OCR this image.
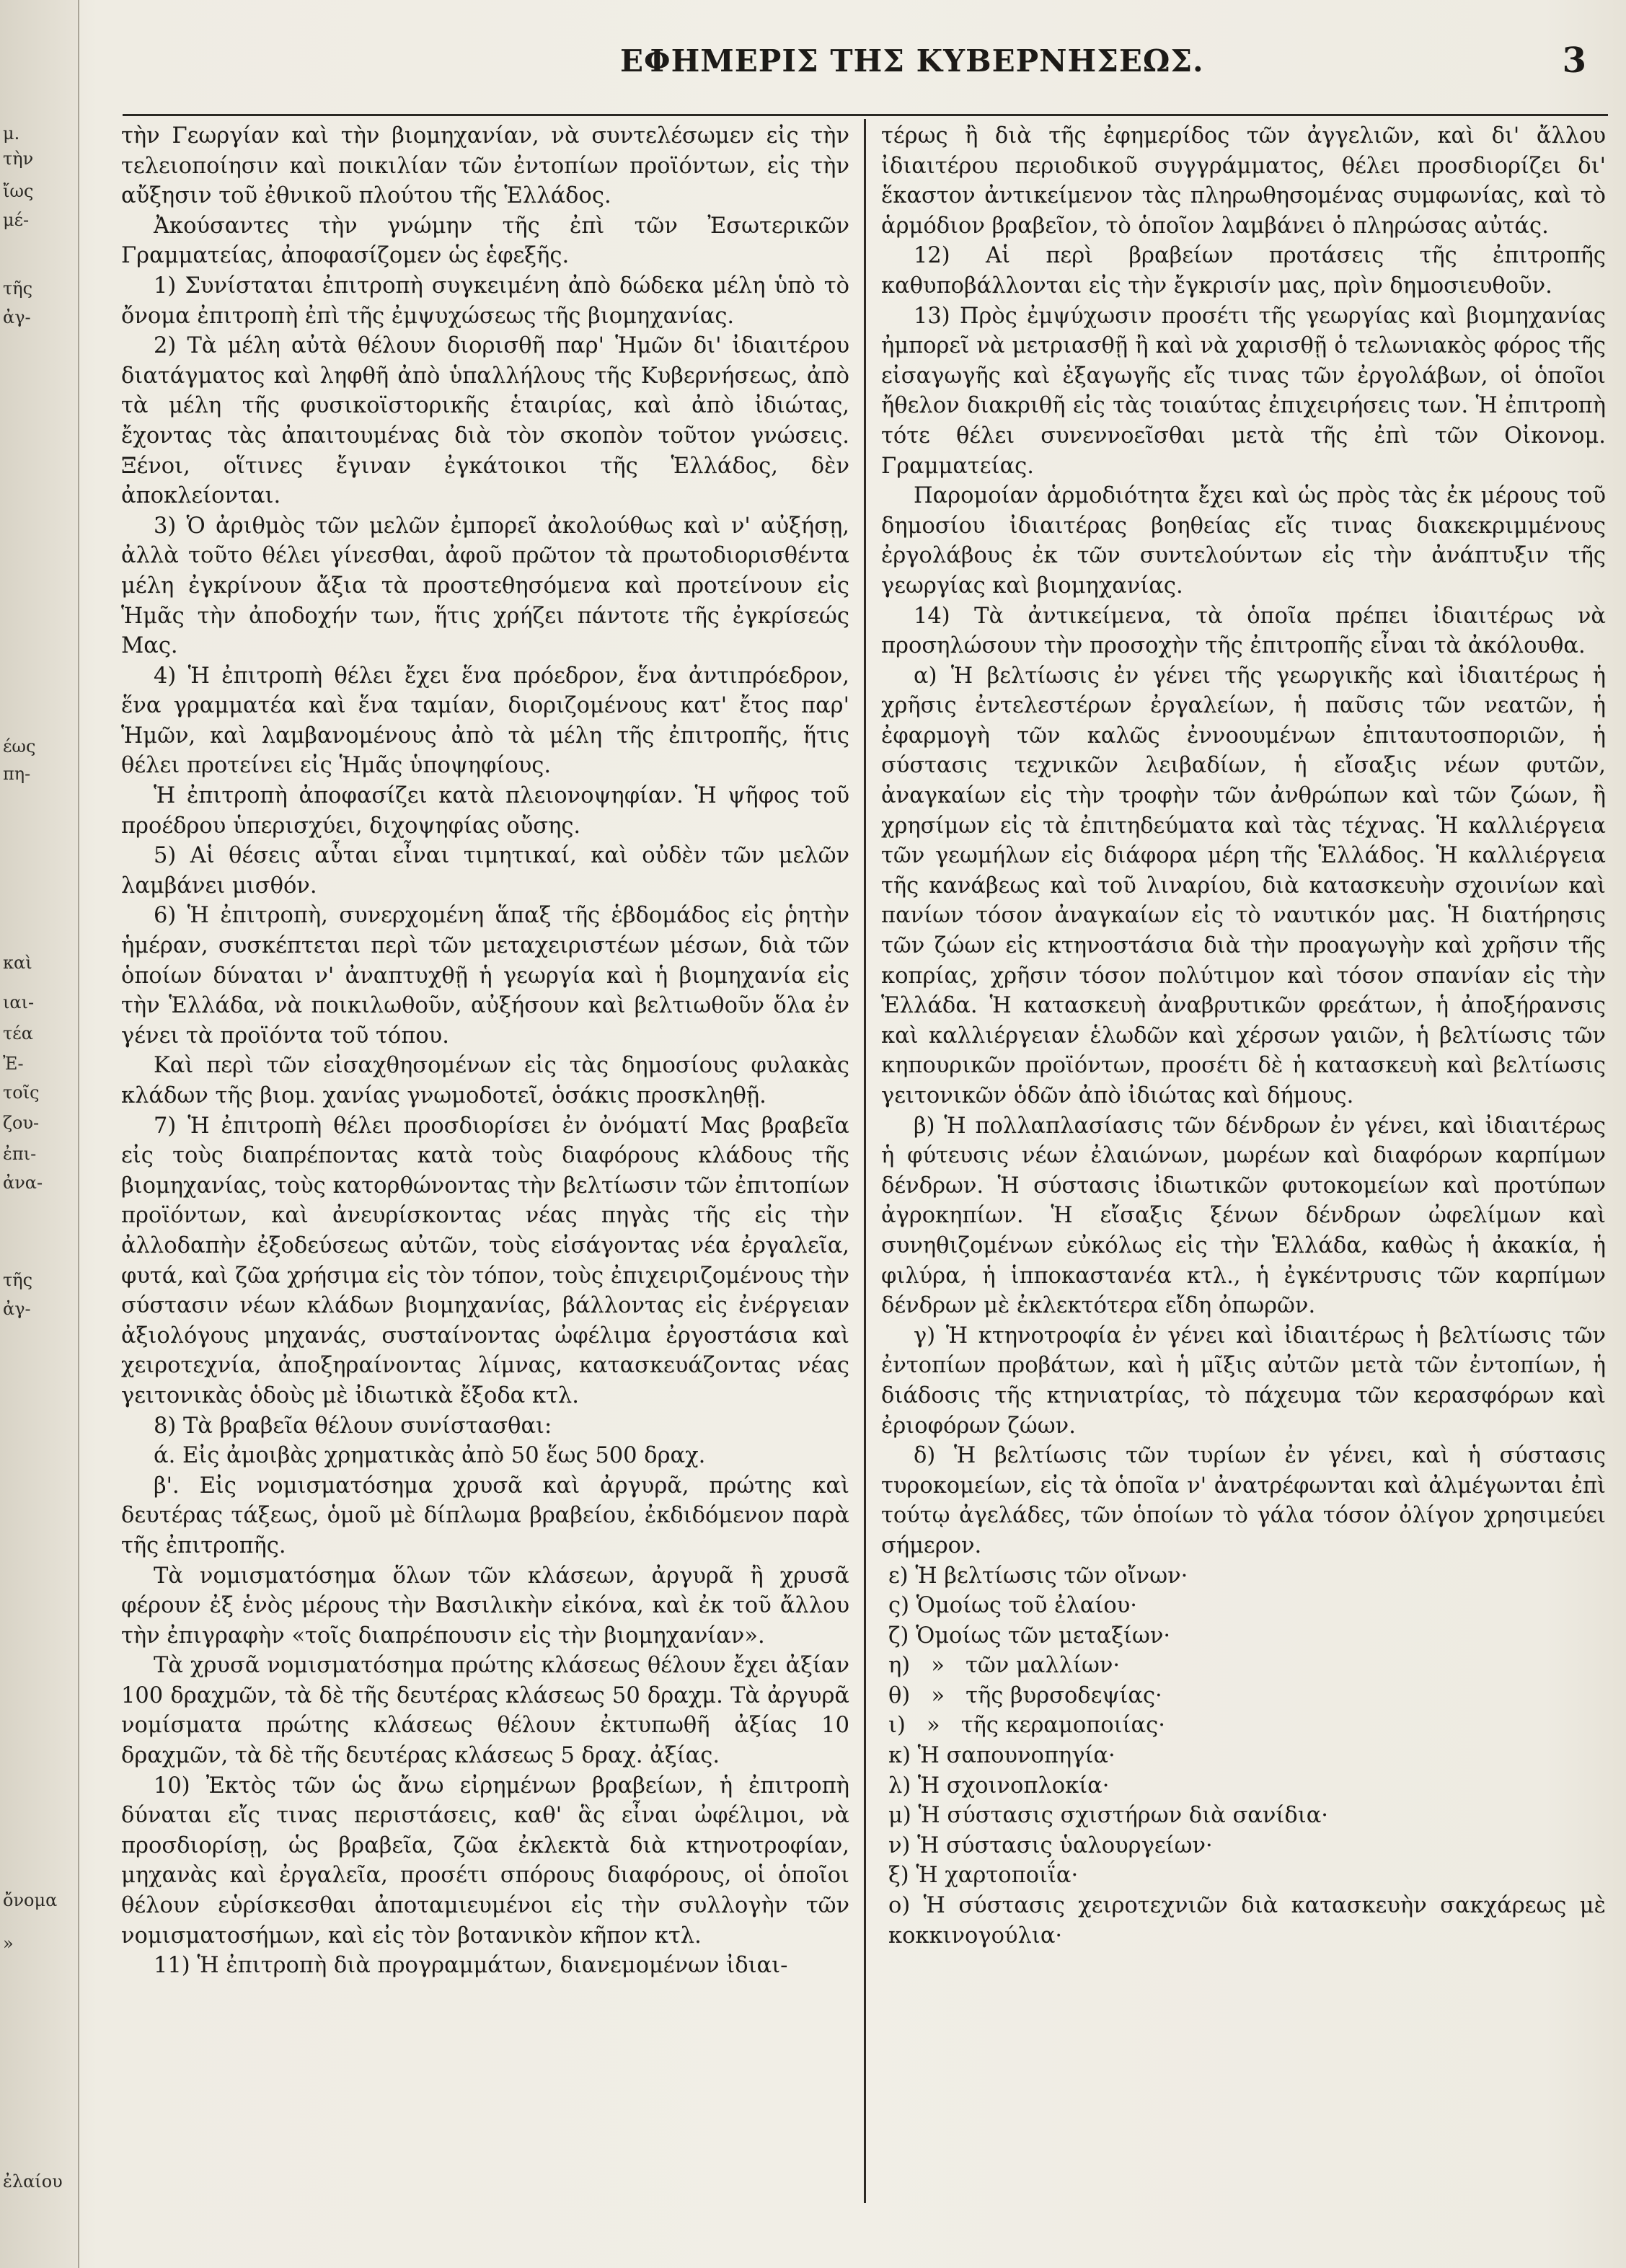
μ.
τὴν
ἴως
μέ-
τῆς
ἀγ-
έως
πη-
καὶ
ιαι-
τέα
Ἐ-
τοῖς
ζου-
ἐπι-
ἀνα-
τῆς
ἀγ-
ὄνομα
»
ἐλαίου
ΕΦΗΜΕΡΙΣ ΤΗΣ ΚΥΒΕΡΝΗΣΕΩΣ.	3

τὴν Γεωργίαν καὶ τὴν βιομηχανίαν, νὰ συντελέσωμεν εἰς τὴν τελειοποίησιν καὶ ποικιλίαν τῶν ἐντοπίων προϊόντων, εἰς τὴν αὔξησιν τοῦ ἐθνικοῦ πλούτου τῆς Ἑλλάδος.

Ἀκούσαντες τὴν γνώμην τῆς ἐπὶ τῶν Ἐσωτερικῶν Γραμματείας, ἀποφασίζομεν ὡς ἑφεξῆς.

1) Συνίσταται ἐπιτροπὴ συγκειμένη ἀπὸ δώδεκα μέλη ὑπὸ τὸ ὄνομα ἐπιτροπὴ ἐπὶ τῆς ἐμψυχώσεως τῆς βιομηχανίας.

2) Τὰ μέλη αὐτὰ θέλουν διορισθῆ παρ' Ἡμῶν δι' ἰδιαιτέρου διατάγματος καὶ ληφθῆ ἀπὸ ὑπαλλήλους τῆς Κυβερνήσεως, ἀπὸ τὰ μέλη τῆς φυσικοϊστορικῆς ἑταιρίας, καὶ ἀπὸ ἰδιώτας, ἔχοντας τὰς ἀπαιτουμένας διὰ τὸν σκοπὸν τοῦτον γνώσεις. Ξένοι, οἵτινες ἔγιναν ἐγκάτοικοι τῆς Ἑλλάδος, δὲν ἀποκλείονται.

3) Ὁ ἀριθμὸς τῶν μελῶν ἐμπορεῖ ἀκολούθως καὶ ν' αὐξήσῃ, ἀλλὰ τοῦτο θέλει γίνεσθαι, ἀφοῦ πρῶτον τὰ πρωτοδιορισθέντα μέλη ἐγκρίνουν ἄξια τὰ προστεθησόμενα καὶ προτείνουν εἰς Ἡμᾶς τὴν ἀποδοχήν των, ἥτις χρήζει πάντοτε τῆς ἐγκρίσεώς Μας.

4) Ἡ ἐπιτροπὴ θέλει ἔχει ἕνα πρόεδρον, ἕνα ἀντιπρόεδρον, ἕνα γραμματέα καὶ ἕνα ταμίαν, διοριζομένους κατ' ἔτος παρ' Ἡμῶν, καὶ λαμβανομένους ἀπὸ τὰ μέλη τῆς ἐπιτροπῆς, ἥτις θέλει προτείνει εἰς Ἡμᾶς ὑποψηφίους.

Ἡ ἐπιτροπὴ ἀποφασίζει κατὰ πλειονοψηφίαν. Ἡ ψῆφος τοῦ προέδρου ὑπερισχύει, διχοψηφίας οὔσης.

5) Αἱ θέσεις αὗται εἶναι τιμητικαί, καὶ οὐδὲν τῶν μελῶν λαμβάνει μισθόν.

6) Ἡ ἐπιτροπὴ, συνερχομένη ἅπαξ τῆς ἑβδομάδος εἰς ῥητὴν ἡμέραν, συσκέπτεται περὶ τῶν μεταχειριστέων μέσων, διὰ τῶν ὁποίων δύναται ν' ἀναπτυχθῇ ἡ γεωργία καὶ ἡ βιομηχανία εἰς τὴν Ἑλλάδα, νὰ ποικιλωθοῦν, αὐξήσουν καὶ βελτιωθοῦν ὅλα ἐν γένει τὰ προϊόντα τοῦ τόπου.

Καὶ περὶ τῶν εἰσαχθησομένων εἰς τὰς δημοσίους φυλακὰς κλάδων τῆς βιομ. χανίας γνωμοδοτεῖ, ὁσάκις προσκληθῇ.

7) Ἡ ἐπιτροπὴ θέλει προσδιορίσει ἐν ὀνόματί Μας βραβεῖα εἰς τοὺς διαπρέποντας κατὰ τοὺς διαφόρους κλάδους τῆς βιομηχανίας, τοὺς κατορθώνοντας τὴν βελτίωσιν τῶν ἐπιτοπίων προϊόντων, καὶ ἀνευρίσκοντας νέας πηγὰς τῆς εἰς τὴν ἀλλοδαπὴν ἐξοδεύσεως αὐτῶν, τοὺς εἰσάγοντας νέα ἐργαλεῖα, φυτά, καὶ ζῶα χρήσιμα εἰς τὸν τόπον, τοὺς ἐπιχειριζομένους τὴν σύστασιν νέων κλάδων βιομηχανίας, βάλλοντας εἰς ἐνέργειαν ἀξιολόγους μηχανάς, συσταίνοντας ὠφέλιμα ἐργοστάσια καὶ χειροτεχνία, ἀποξηραίνοντας λίμνας, κατασκευάζοντας νέας γειτονικὰς ὁδοὺς μὲ ἰδιωτικὰ ἔξοδα κτλ.

8) Τὰ βραβεῖα θέλουν συνίστασθαι:

ά. Εἰς ἀμοιβὰς χρηματικὰς ἀπὸ 50 ἕως 500 δραχ.

β'. Εἰς νομισματόσημα χρυσᾶ καὶ ἀργυρᾶ, πρώτης καὶ δευτέρας τάξεως, ὁμοῦ μὲ δίπλωμα βραβείου, ἐκδιδόμενον παρὰ τῆς ἐπιτροπῆς.

Τὰ νομισματόσημα ὅλων τῶν κλάσεων, ἀργυρᾶ ἢ χρυσᾶ φέρουν ἐξ ἑνὸς μέρους τὴν Βασιλικὴν εἰκόνα, καὶ ἐκ τοῦ ἄλλου τὴν ἐπιγραφὴν «τοῖς διαπρέπουσιν εἰς τὴν βιομηχανίαν».

Τὰ χρυσᾶ νομισματόσημα πρώτης κλάσεως θέλουν ἔχει ἀξίαν 100 δραχμῶν, τὰ δὲ τῆς δευτέρας κλάσεως 50 δραχμ. Τὰ ἀργυρᾶ νομίσματα πρώτης κλάσεως θέλουν ἐκτυπωθῆ ἀξίας 10 δραχμῶν, τὰ δὲ τῆς δευτέρας κλάσεως 5 δραχ. ἀξίας.

10) Ἐκτὸς τῶν ὡς ἄνω εἰρημένων βραβείων, ἡ ἐπιτροπὴ δύναται εἴς τινας περιστάσεις, καθ' ἃς εἶναι ὠφέλιμοι, νὰ προσδιορίσῃ, ὡς βραβεῖα, ζῶα ἐκλεκτὰ διὰ κτηνοτροφίαν, μηχανὰς καὶ ἐργαλεῖα, προσέτι σπόρους διαφόρους, οἱ ὁποῖοι θέλουν εὑρίσκεσθαι ἀποταμιευμένοι εἰς τὴν συλλογὴν τῶν νομισματοσήμων, καὶ εἰς τὸν βοτανικὸν κῆπον κτλ.

11) Ἡ ἐπιτροπὴ διὰ προγραμμάτων, διανεμομένων ἰδιαι-

τέρως ἢ διὰ τῆς ἐφημερίδος τῶν ἀγγελιῶν, καὶ δι' ἄλλου ἰδιαιτέρου περιοδικοῦ συγγράμματος, θέλει προσδιορίζει δι' ἕκαστον ἀντικείμενον τὰς πληρωθησομένας συμφωνίας, καὶ τὸ ἁρμόδιον βραβεῖον, τὸ ὁποῖον λαμβάνει ὁ πληρώσας αὐτάς.

12) Αἱ περὶ βραβείων προτάσεις τῆς ἐπιτροπῆς καθυποβάλλονται εἰς τὴν ἔγκρισίν μας, πρὶν δημοσιευθοῦν.

13) Πρὸς ἐμψύχωσιν προσέτι τῆς γεωργίας καὶ βιομηχανίας ἠμπορεῖ νὰ μετριασθῇ ἢ καὶ νὰ χαρισθῇ ὁ τελωνιακὸς φόρος τῆς εἰσαγωγῆς καὶ ἐξαγωγῆς εἴς τινας τῶν ἐργολάβων, οἱ ὁποῖοι ἤθελον διακριθῆ εἰς τὰς τοιαύτας ἐπιχειρήσεις των. Ἡ ἐπιτροπὴ τότε θέλει συνεννοεῖσθαι μετὰ τῆς ἐπὶ τῶν Οἰκονομ. Γραμματείας.

Παρομοίαν ἁρμοδιότητα ἔχει καὶ ὡς πρὸς τὰς ἐκ μέρους τοῦ δημοσίου ἰδιαιτέρας βοηθείας εἴς τινας διακεκριμμένους ἐργολάβους ἐκ τῶν συντελούντων εἰς τὴν ἀνάπτυξιν τῆς γεωργίας καὶ βιομηχανίας.

14) Τὰ ἀντικείμενα, τὰ ὁποῖα πρέπει ἰδιαιτέρως νὰ προσηλώσουν τὴν προσοχὴν τῆς ἐπιτροπῆς εἶναι τὰ ἀκόλουθα.

α) Ἡ βελτίωσις ἐν γένει τῆς γεωργικῆς καὶ ἰδιαιτέρως ἡ χρῆσις ἐντελεστέρων ἐργαλείων, ἡ παῦσις τῶν νεατῶν, ἡ ἐφαρμογὴ τῶν καλῶς ἐννοουμένων ἐπιταυτοσποριῶν, ἡ σύστασις τεχνικῶν λειβαδίων, ἡ εἴσαξις νέων φυτῶν, ἀναγκαίων εἰς τὴν τροφὴν τῶν ἀνθρώπων καὶ τῶν ζώων, ἢ χρησίμων εἰς τὰ ἐπιτηδεύματα καὶ τὰς τέχνας. Ἡ καλλιέργεια τῶν γεωμήλων εἰς διάφορα μέρη τῆς Ἑλλάδος. Ἡ καλλιέργεια τῆς κανάβεως καὶ τοῦ λιναρίου, διὰ κατασκευὴν σχοινίων καὶ πανίων τόσον ἀναγκαίων εἰς τὸ ναυτικόν μας. Ἡ διατήρησις τῶν ζώων εἰς κτηνοστάσια διὰ τὴν προαγωγὴν καὶ χρῆσιν τῆς κοπρίας, χρῆσιν τόσον πολύτιμον καὶ τόσον σπανίαν εἰς τὴν Ἑλλάδα. Ἡ κατασκευὴ ἀναβρυτικῶν φρεάτων, ἡ ἀποξήρανσις καὶ καλλιέργειαν ἑλωδῶν καὶ χέρσων γαιῶν, ἡ βελτίωσις τῶν κηπουρικῶν προϊόντων, προσέτι δὲ ἡ κατασκευὴ καὶ βελτίωσις γειτονικῶν ὁδῶν ἀπὸ ἰδιώτας καὶ δήμους.

β) Ἡ πολλαπλασίασις τῶν δένδρων ἐν γένει, καὶ ἰδιαιτέρως ἡ φύτευσις νέων ἐλαιώνων, μωρέων καὶ διαφόρων καρπίμων δένδρων. Ἡ σύστασις ἰδιωτικῶν φυτοκομείων καὶ προτύπων ἀγροκηπίων. Ἡ εἴσαξις ξένων δένδρων ὠφελίμων καὶ συνηθιζομένων εὐκόλως εἰς τὴν Ἑλλάδα, καθὼς ἡ ἀκακία, ἡ φιλύρα, ἡ ἱπποκαστανέα κτλ., ἡ ἐγκέντρυσις τῶν καρπίμων δένδρων μὲ ἐκλεκτότερα εἴδη ὀπωρῶν.

γ) Ἡ κτηνοτροφία ἐν γένει καὶ ἰδιαιτέρως ἡ βελτίωσις τῶν ἐντοπίων προβάτων, καὶ ἡ μῖξις αὐτῶν μετὰ τῶν ἐντοπίων, ἡ διάδοσις τῆς κτηνιατρίας, τὸ πάχευμα τῶν κερασφόρων καὶ ἐριοφόρων ζώων.

δ) Ἡ βελτίωσις τῶν τυρίων ἐν γένει, καὶ ἡ σύστασις τυροκομείων, εἰς τὰ ὁποῖα ν' ἀνατρέφωνται καὶ ἀλμέγωνται ἐπὶ τούτῳ ἀγελάδες, τῶν ὁποίων τὸ γάλα τόσον ὀλίγον χρησιμεύει σήμερον.

ε) Ἡ βελτίωσις τῶν οἴνων·

ς) Ὁμοίως τοῦ ἐλαίου·

ζ) Ὁμοίως τῶν μεταξίων·

η)   »   τῶν μαλλίων·

θ)   »   τῆς βυρσοδεψίας·

ι)   »   τῆς κεραμοποιίας·

κ) Ἡ σαπουνοπηγία·

λ) Ἡ σχοινοπλοκία·

μ) Ἡ σύστασις σχιστήρων διὰ σανίδια·

ν) Ἡ σύστασις ὑαλουργείων·

ξ) Ἡ χαρτοποιΐα·

ο) Ἡ σύστασις χειροτεχνιῶν διὰ κατασκευὴν σακχάρεως μὲ κοκκινογούλια·
